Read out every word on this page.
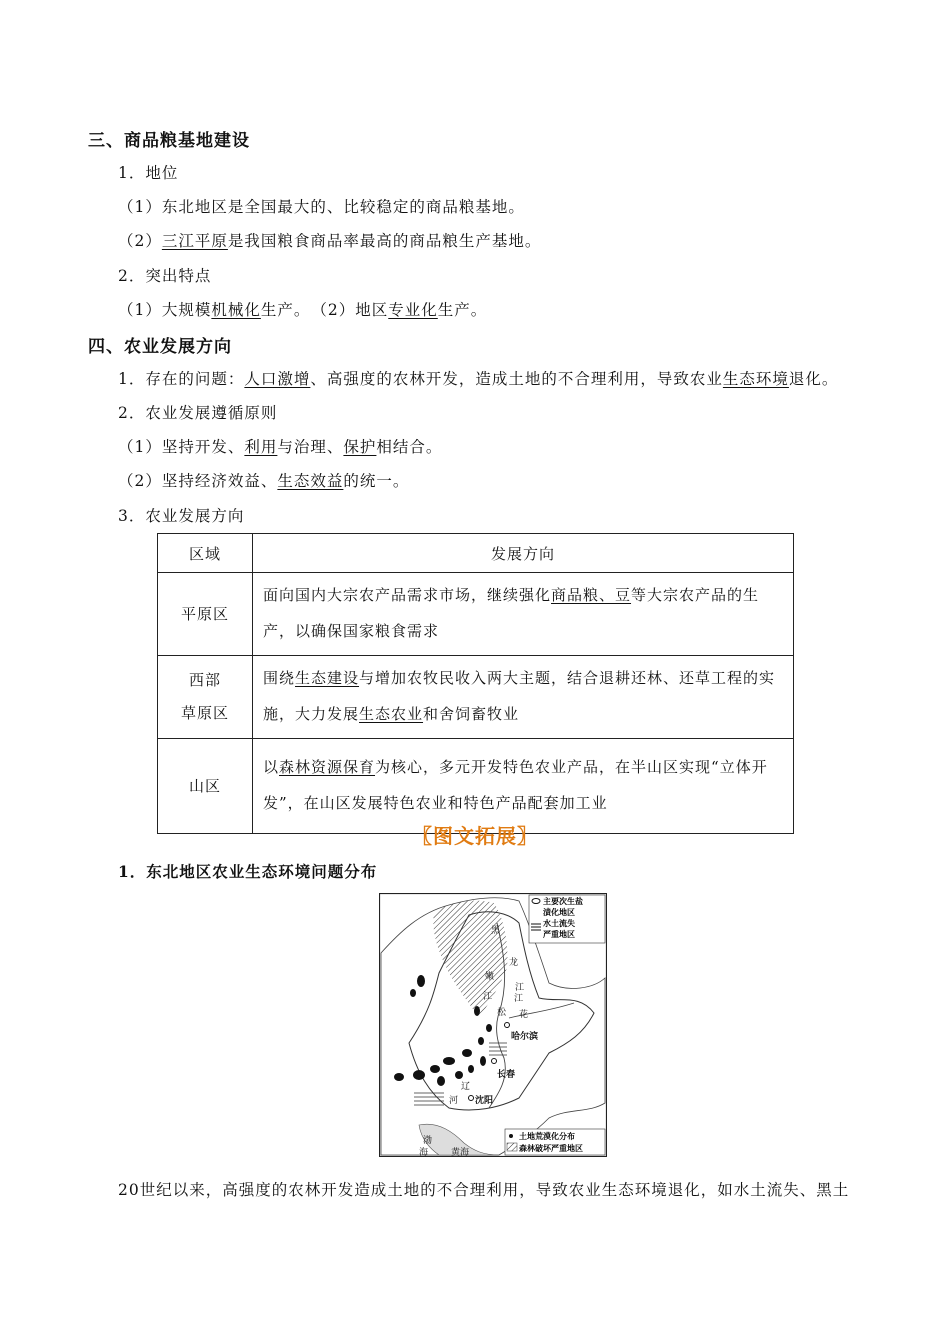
三、商品粮基地建设
1．地位
（1）东北地区是全国最大的、比较稳定的商品粮基地。
（2）三江平原是我国粮食商品率最高的商品粮生产基地。
2．突出特点
（1）大规模机械化生产。　（2）地区专业化生产。
四、农业发展方向
1．存在的问题：人口激增、高强度的农林开发，造成土地的不合理利用，导致农业生态环境退化。
2．农业发展遵循原则
（1）坚持开发、利用与治理、保护相结合。
（2）坚持经济效益、生态效益的统一。
3．农业发展方向
区域	发展方向
平原区	面向国内大宗农产品需求市场，继续强化商品粮、豆等大宗农产品的生产，以确保国家粮食需求

西部
草原区	围绕生态建设与增加农牧民收入两大主题，结合退耕还林、还草工程的实施，大力发展生态农业和舍饲畜牧业
山区	以森林资源保育为核心，多元开发特色农业产品，在半山区实现“立体开发”，在山区发展特色农业和特色产品配套加工业
〖图文拓展〗
1．东北地区农业生态环境问题分布
主要次生盐
渍化地区
水土流失
严重地区
土地荒漠化分布
森林破坏严重地区
黑
龙
江
嫩
江
松 花
江
哈尔滨
长春
辽
河 沈阳
渤
海	黄海
20世纪以来，高强度的农林开发造成土地的不合理利用，导致农业生态环境退化，如水土流失、黑土
